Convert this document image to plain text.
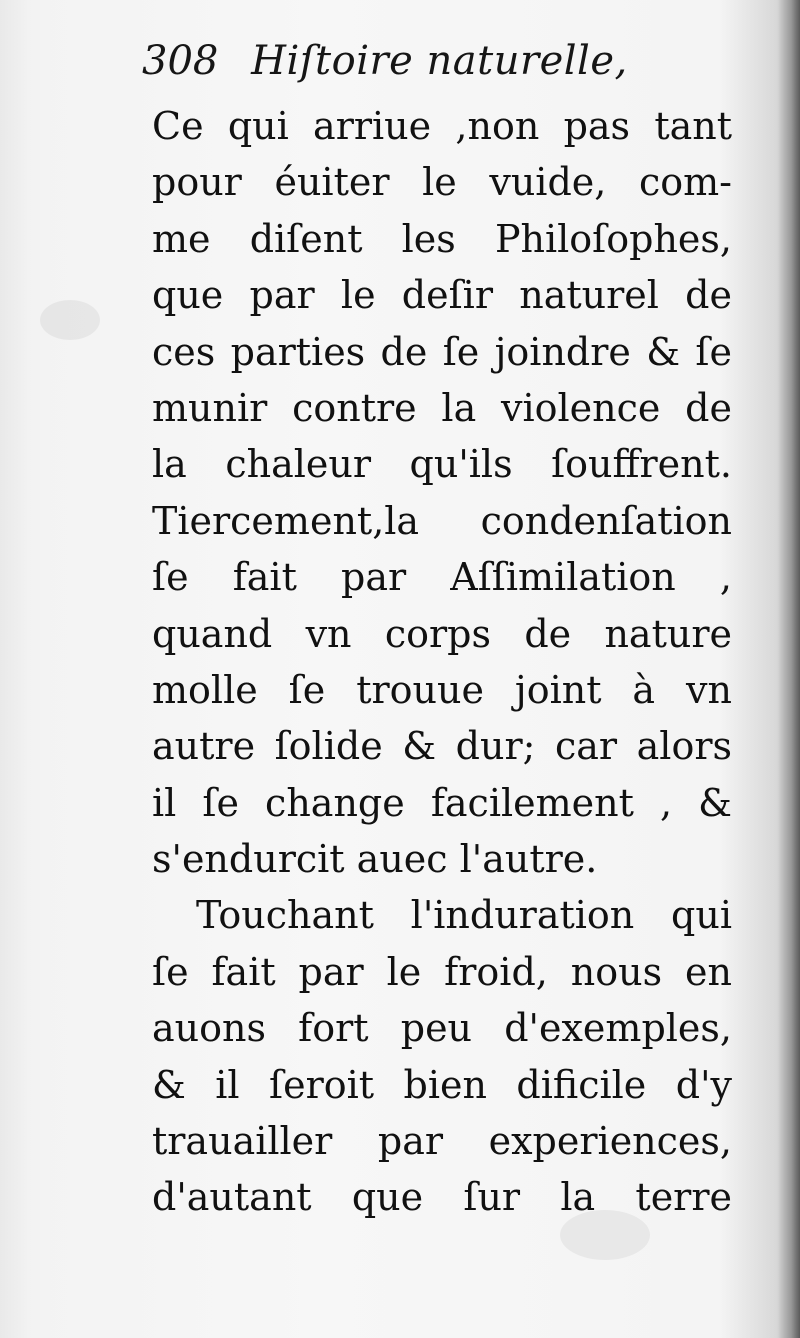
308 Hiſtoire naturelle,
Ce qui arriue ,non pas tant
pour éuiter le vuide, com-
me diſent les Philoſophes,
que par le deſir naturel de
ces parties de ſe joindre & ſe
munir contre la violence de
la chaleur qu'ils ſouffrent.
Tiercement,la condenſation
ſe fait par Aſſimilation ,
quand vn corps de nature
molle ſe trouue joint à vn
autre ſolide & dur; car alors
il ſe change facilement , &
s'endurcit auec l'autre.
Touchant l'induration qui
ſe fait par le froid, nous en
auons fort peu d'exemples,
& il ſeroit bien dificile d'y
trauailler par experiences,
d'autant que ſur la terre
